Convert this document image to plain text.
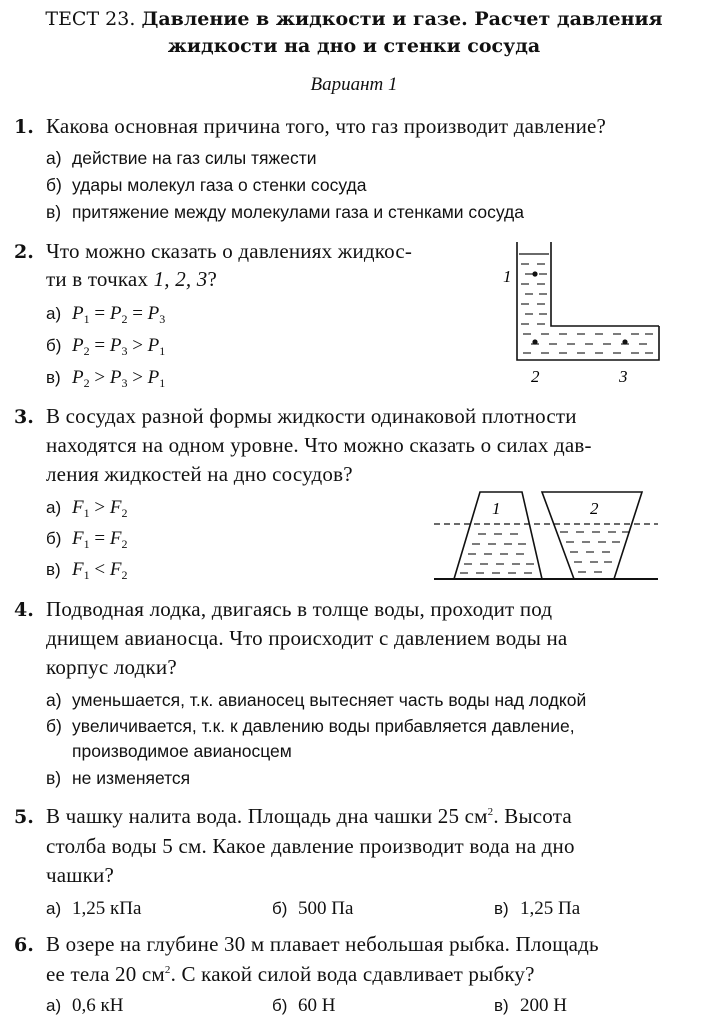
ТЕСТ 23. Давление в жидкости и газе. Расчет давления
жидкости на дно и стенки сосуда
Вариант 1
1. Какова основная причина того, что газ производит давление?
а) действие на газ силы тяжести
б) удары молекул газа о стенки сосуда
в) притяжение между молекулами газа и стенками сосуда
2. Что можно сказать о давлениях жидкос-
ти в точках 1, 2, 3?
а) $P_1 = P_2 = P_3$
б) $P_2 = P_3 > P_1$
в) $P_2 > P_3 > P_1$
1
2	3
3. В сосудах разной формы жидкости одинаковой плотности
находятся на одном уровне. Что можно сказать о силах дав-
ления жидкостей на дно сосудов?
а) $F_1 > F_2$
б) $F_1 = F_2$
в) $F_1 < F_2$
1	2
4. Подводная лодка, двигаясь в толще воды, проходит под
днищем авианосца. Что происходит с давлением воды на
корпус лодки?
а) уменьшается, т.к. авианосец вытесняет часть воды над лодкой
б) увеличивается, т.к. к давлению воды прибавляется давление,
производимое авианосцем
в) не изменяется
5. В чашку налита вода. Площадь дна чашки 25 $см^2$. Высота
столба воды 5 см. Какое давление производит вода на дно
чашки?
а) 1,25 кПа	б) 500 Па	в) 1,25 Па
6. В озере на глубине 30 м плавает небольшая рыбка. Площадь
ее тела 20 $см^2$. С какой силой вода сдавливает рыбку?
а) 0,6 кН	б) 60 Н	в) 200 Н
